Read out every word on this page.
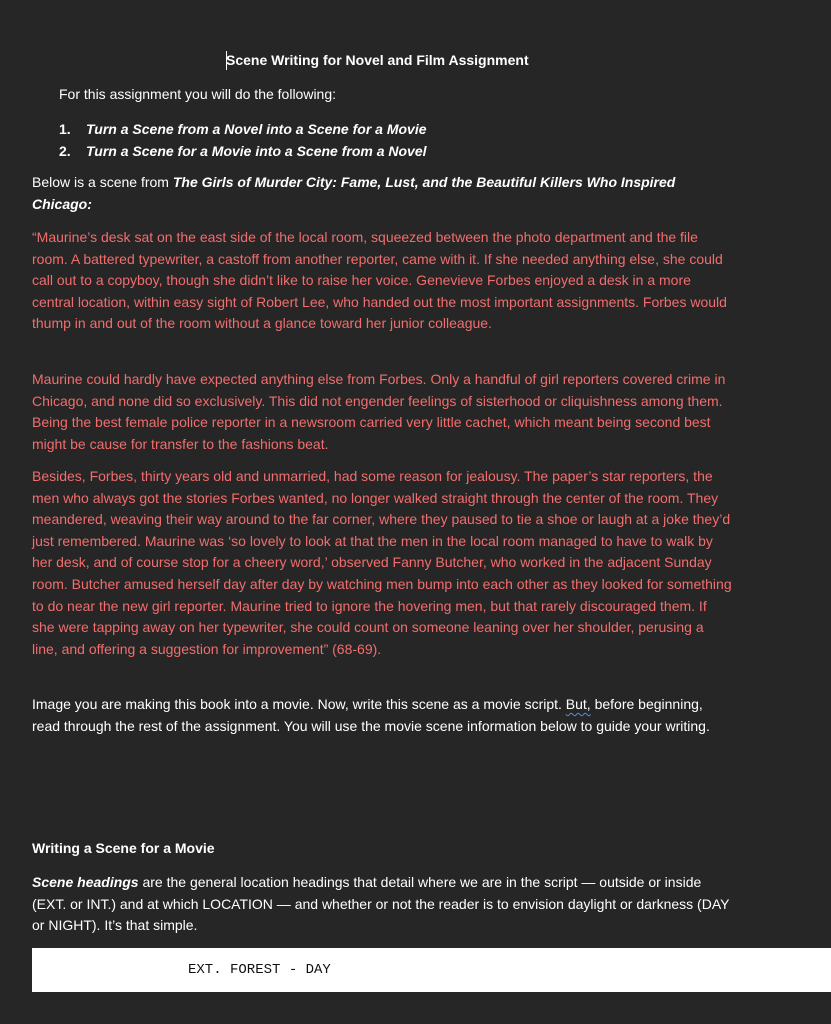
Scene Writing for Novel and Film Assignment
For this assignment you will do the following:
1. Turn a Scene from a Novel into a Scene for a Movie
2. Turn a Scene for a Movie into a Scene from a Novel

Below is a scene from The Girls of Murder City: Fame, Lust, and the Beautiful Killers Who Inspired Chicago:

“Maurine’s desk sat on the east side of the local room, squeezed between the photo department and the file room. A battered typewriter, a castoff from another reporter, came with it. If she needed anything else, she could call out to a copyboy, though she didn’t like to raise her voice. Genevieve Forbes enjoyed a desk in a more central location, within easy sight of Robert Lee, who handed out the most important assignments. Forbes would thump in and out of the room without a glance toward her junior colleague.

Maurine could hardly have expected anything else from Forbes. Only a handful of girl reporters covered crime in Chicago, and none did so exclusively. This did not engender feelings of sisterhood or cliquishness among them. Being the best female police reporter in a newsroom carried very little cachet, which meant being second best might be cause for transfer to the fashions beat.

Besides, Forbes, thirty years old and unmarried, had some reason for jealousy. The paper’s star reporters, the men who always got the stories Forbes wanted, no longer walked straight through the center of the room. They meandered, weaving their way around to the far corner, where they paused to tie a shoe or laugh at a joke they’d just remembered. Maurine was ‘so lovely to look at that the men in the local room managed to have to walk by her desk, and of course stop for a cheery word,’ observed Fanny Butcher, who worked in the adjacent Sunday room. Butcher amused herself day after day by watching men bump into each other as they looked for something to do near the new girl reporter. Maurine tried to ignore the hovering men, but that rarely discouraged them. If she were tapping away on her typewriter, she could count on someone leaning over her shoulder, perusing a line, and offering a suggestion for improvement” (68-69).

Image you are making this book into a movie. Now, write this scene as a movie script. But, before beginning, read through the rest of the assignment. You will use the movie scene information below to guide your writing.

Writing a Scene for a Movie
Scene headings are the general location headings that detail where we are in the script — outside or inside (EXT. or INT.) and at which LOCATION — and whether or not the reader is to envision daylight or darkness (DAY or NIGHT). It’s that simple.
EXT. FOREST - DAY
